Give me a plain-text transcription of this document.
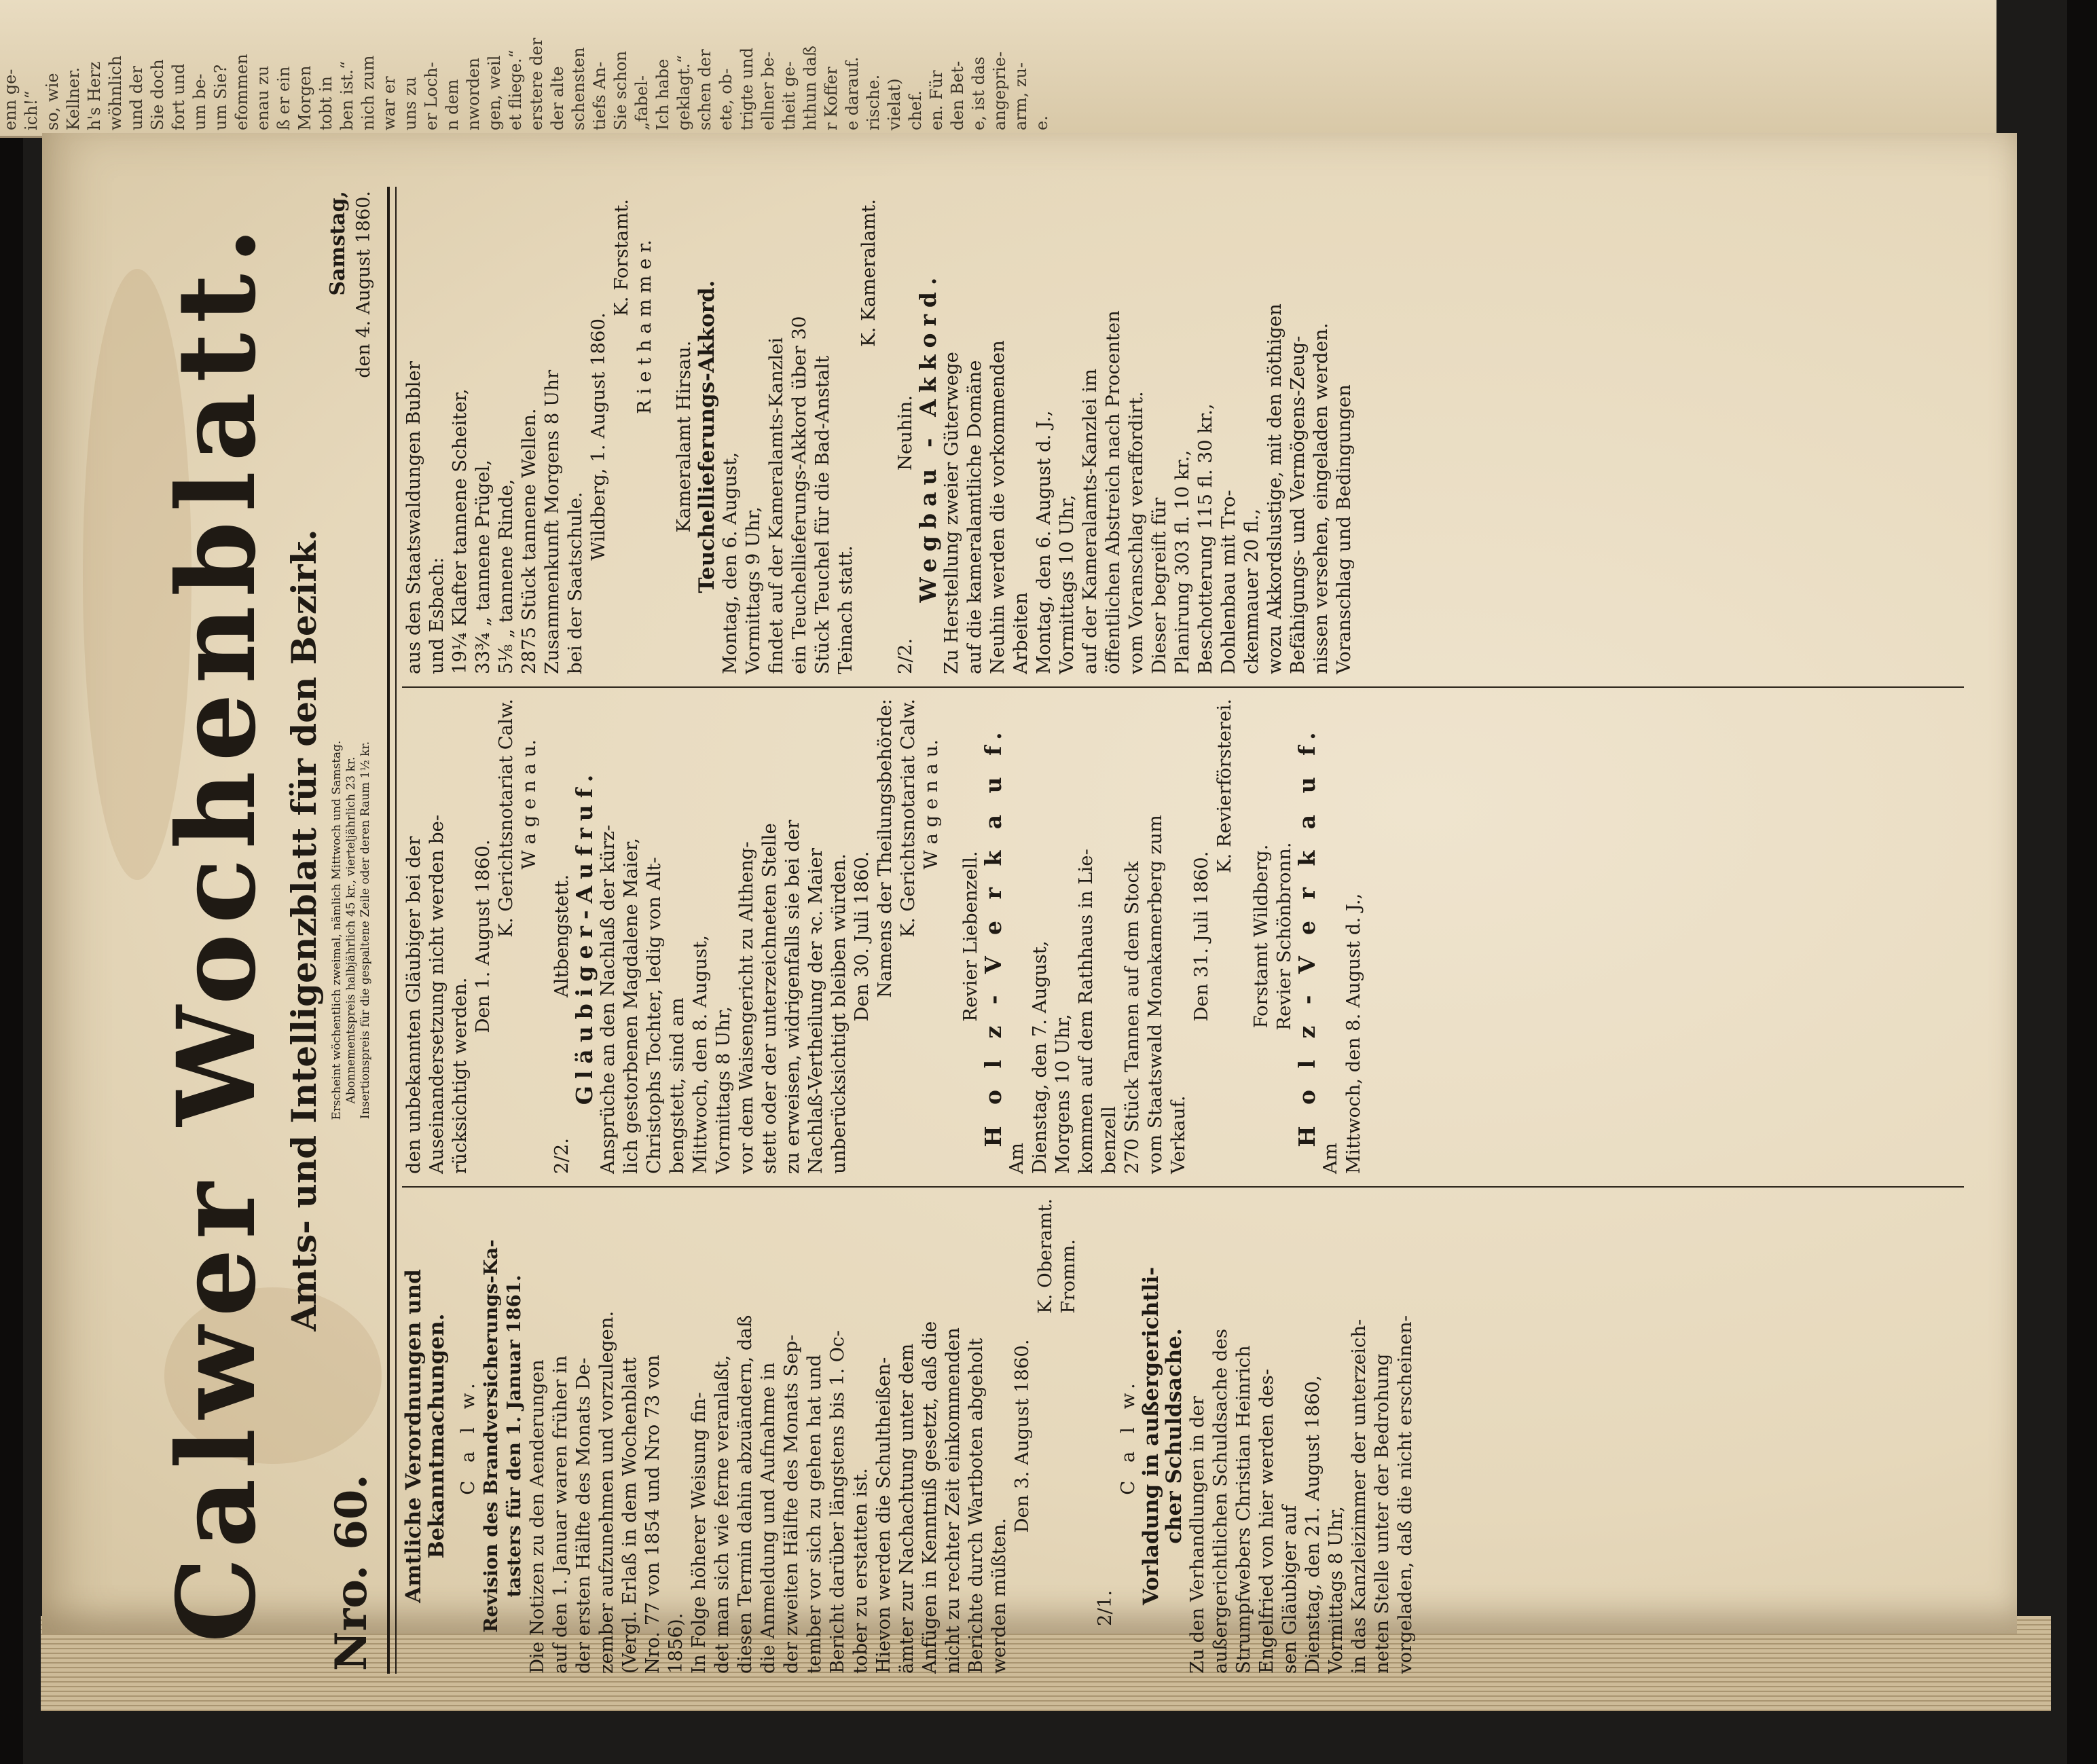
enn ge- ich!“ so, wie Kellner. h's Herz wöhnlich und der Sie doch fort und um be- um Sie? efommen enau zu ß er ein Morgen tobt in ben ist.“ nich zum war er uns zu er Loch- n dem nworden gen, weil et fliege.“ erstere der der alte schensten tiefs An- Sie schon „fabel- Ich habe geklagt.“ schen der ete, ob- trigte und ellner be- theit ge- hthun daß r Koffer e darauf. rische. vielat) chef. en. Für den Bet- e, ist das angeprie- arm, zu- e.
Calwer Wochenblatt. Amts- und Intelligenzblatt für den Bezirk.
Nro. 60.
Erscheint wöchentlich zweimal, nämlich Mittwoch und Samstag. Abonnementspreis halbjährlich 45 kr., vierteljährlich 23 kr. Insertionspreis für die gespaltene Zeile oder deren Raum 1½ kr.
Samstag, den 4. August 1860.
Amtliche Verordnungen und
Bekanntmachungen. C a l w. Revision des Brandversicherungs-Ka- tasters für den 1. Januar 1861. Die Notizen zu den Aenderungen auf den 1. Januar waren früher in der ersten Hälfte des Monats De- zember aufzunehmen und vorzulegen. (Vergl. Erlaß in dem Wochenblatt Nro. 77 von 1854 und Nro 73 von 1856). In Folge höherer Weisung fin- det man sich wie ferne veranlaßt, diesen Termin dahin abzuändern, daß die Anmeldung und Aufnahme in der zweiten Hälfte des Monats Sep- tember vor sich zu gehen hat und Bericht darüber längstens bis 1. Oc- tober zu erstatten ist. Hievon werden die Schultheißen- ämter zur Nachachtung unter dem Anfügen in Kenntniß gesetzt, daß die nicht zu rechter Zeit einkommenden Berichte durch Wartboten abgeholt werden müßten.
Den 3. August 1860.
K. Oberamt. Fromm.
2/1.
C a l w. Vorladung in außergerichtli-
cher Schuldsache. Zu den Verhandlungen in der außergerichtlichen Schuldsache des Strumpfwebers Christian Heinrich Engelfried von hier werden des- sen Gläubiger auf Dienstag, den 21. August 1860, Vormittags 8 Uhr, in das Kanzleizimmer der unterzeich- neten Stelle unter der Bedrohung vorgeladen, daß die nicht erscheinen-
den unbekannten Gläubiger bei der Auseinandersetzung nicht werden be- rücksichtigt werden.
Den 1. August 1860. K. Gerichtsnotariat Calw. W a g e n a u.
2/2.
Altbengstett.
Gläubiger-Aufruf. Ansprüche an den Nachlaß der kürz- lich gestorbenen Magdalene Maier, Christophs Tochter, ledig von Alt- bengstett, sind am Mittwoch, den 8. August, Vormittags 8 Uhr, vor dem Waisengericht zu Altheng- stett oder der unterzeichneten Stelle zu erweisen, widrigenfalls sie bei der Nachlaß-Vertheilung der ꝛc. Maier unberücksichtigt bleiben würden. Den 30. Juli 1860. Namens der Theilungsbehörde: K. Gerichtsnotariat Calw. W a g e n a u.
Revier Liebenzell.
H o l z - V e r k a u f.
Am Dienstag, den 7. August, Morgens 10 Uhr, kommen auf dem Rathhaus in Lie- benzell 270 Stück Tannen auf dem Stock vom Staatswald Monakamerberg zum Verkauf.
Den 31. Juli 1860.
K. Revierförsterei.
Forstamt Wildberg. Revier Schönbronn.
H o l z - V e r k a u f.
Am Mittwoch, den 8. August d. J.,
aus den Staatswaldungen Bubler und Esbach: 19¼ Klafter tannene Scheiter, 33¾ „ tannene Prügel, 5⅛ „ tannene Rinde, 2875 Stück tannene Wellen. Zusammenkunft Morgens 8 Uhr bei der Saatschule.
Wildberg, 1. August 1860.
K. Forstamt. R i e t h a m m e r.
Kameralamt Hirsau. Teuchellieferungs-Akkord. Montag, den 6. August, Vormittags 9 Uhr, findet auf der Kameralamts-Kanzlei ein Teuchellieferungs-Akkord über 30 Stück Teuchel für die Bad-Anstalt Teinach statt.
K. Kameralamt.
2/2.
Neuhin.
Wegbau - Akkord. Zu Herstellung zweier Güterwege auf die kameralamtliche Domäne Neuhin werden die vorkommenden Arbeiten Montag, den 6. August d. J., Vormittags 10 Uhr, auf der Kameralamts-Kanzlei im öffentlichen Abstreich nach Procenten vom Voranschlag veraffordirt. Dieser begreift für Planirung 303 fl. 10 kr., Beschotterung 115 fl. 30 kr., Dohlenbau mit Tro- ckenmauer 20 fl., wozu Akkordslustige, mit den nöthigen Befähigungs- und Vermögens-Zeug- nissen versehen, eingeladen werden. Voranschlag und Bedingungen
